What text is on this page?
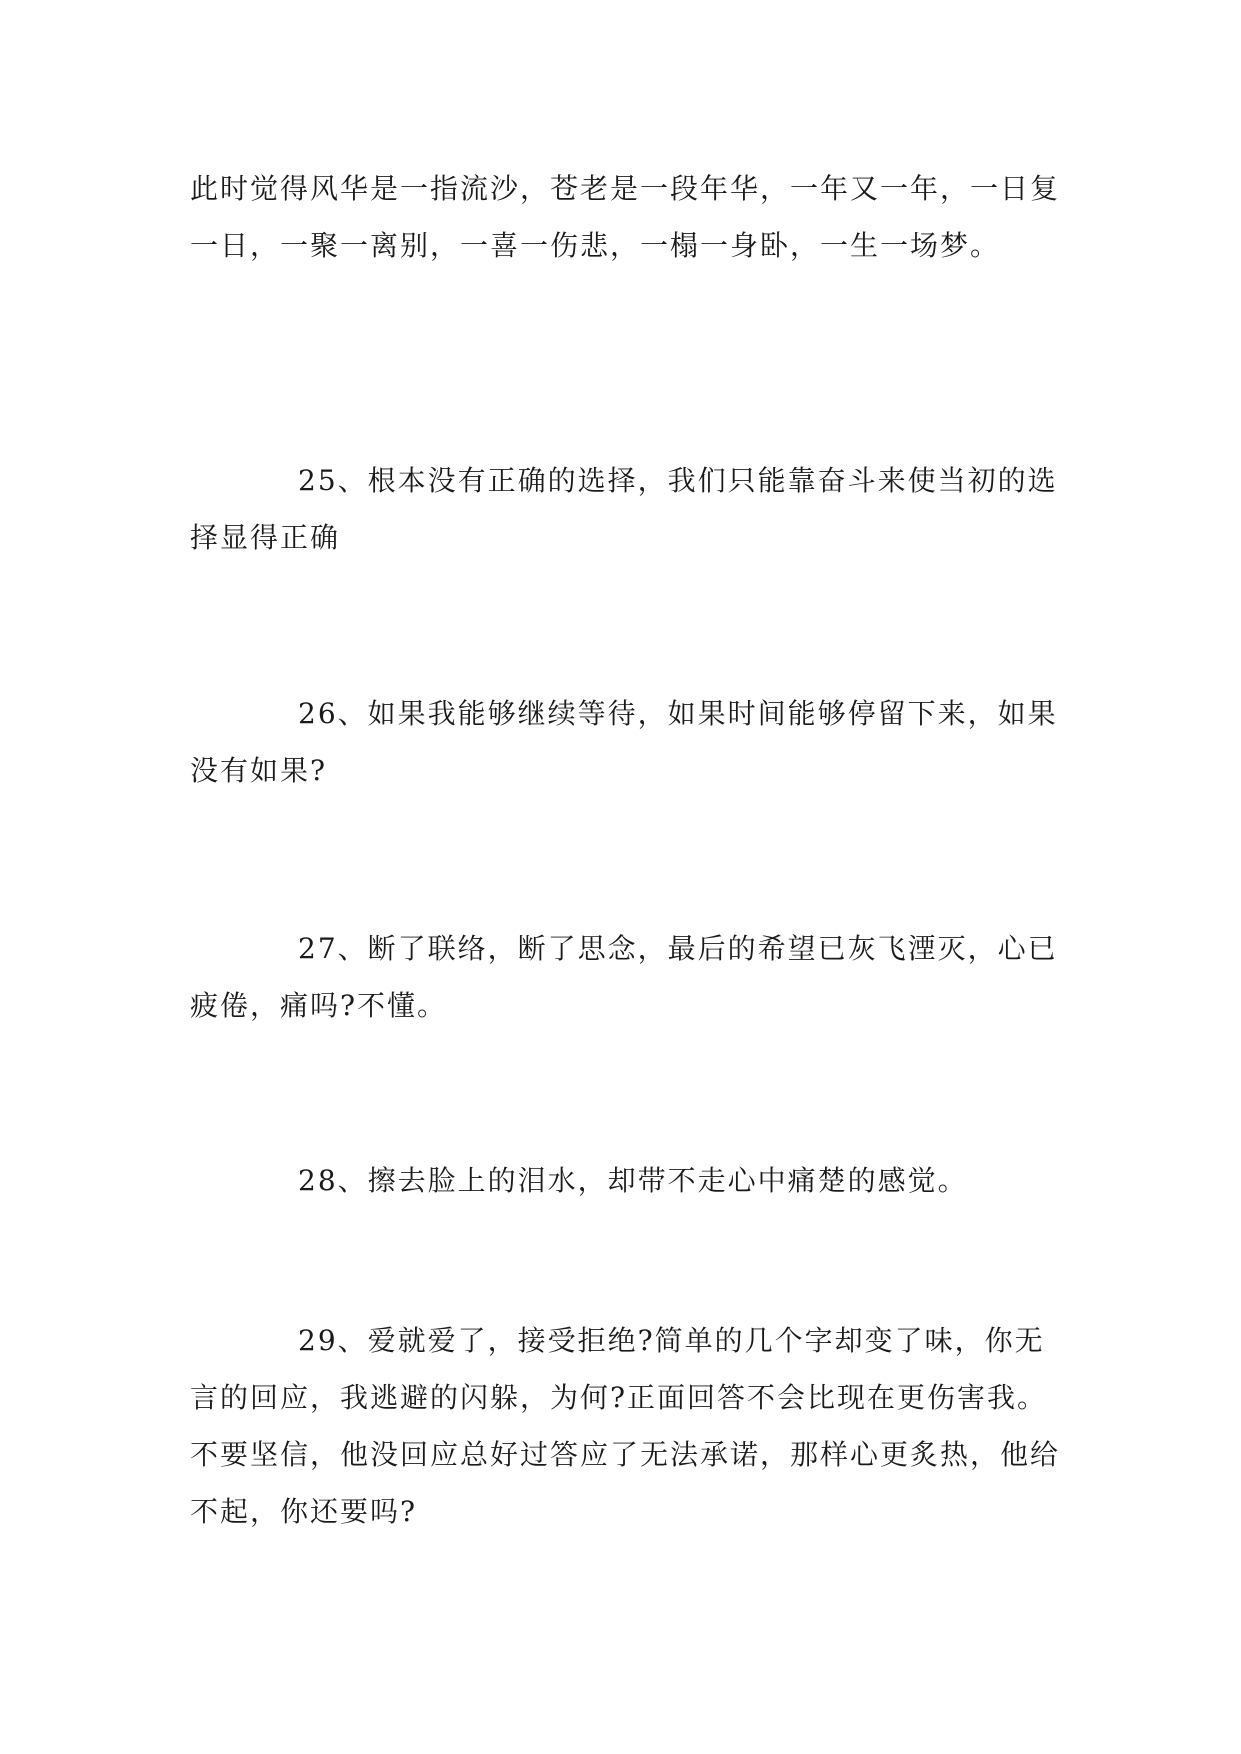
此时觉得风华是一指流沙，苍老是一段年华，一年又一年，一日复一日，一聚一离别，一喜一伤悲，一榻一身卧，一生一场梦。

25、根本没有正确的选择，我们只能靠奋斗来使当初的选择显得正确

26、如果我能够继续等待，如果时间能够停留下来，如果没有如果?

27、断了联络，断了思念，最后的希望已灰飞湮灭，心已疲倦，痛吗?不懂。

28、擦去脸上的泪水，却带不走心中痛楚的感觉。

29、爱就爱了，接受拒绝?简单的几个字却变了味，你无言的回应，我逃避的闪躲，为何?正面回答不会比现在更伤害我。不要坚信，他没回应总好过答应了无法承诺，那样心更炙热，他给不起，你还要吗?
